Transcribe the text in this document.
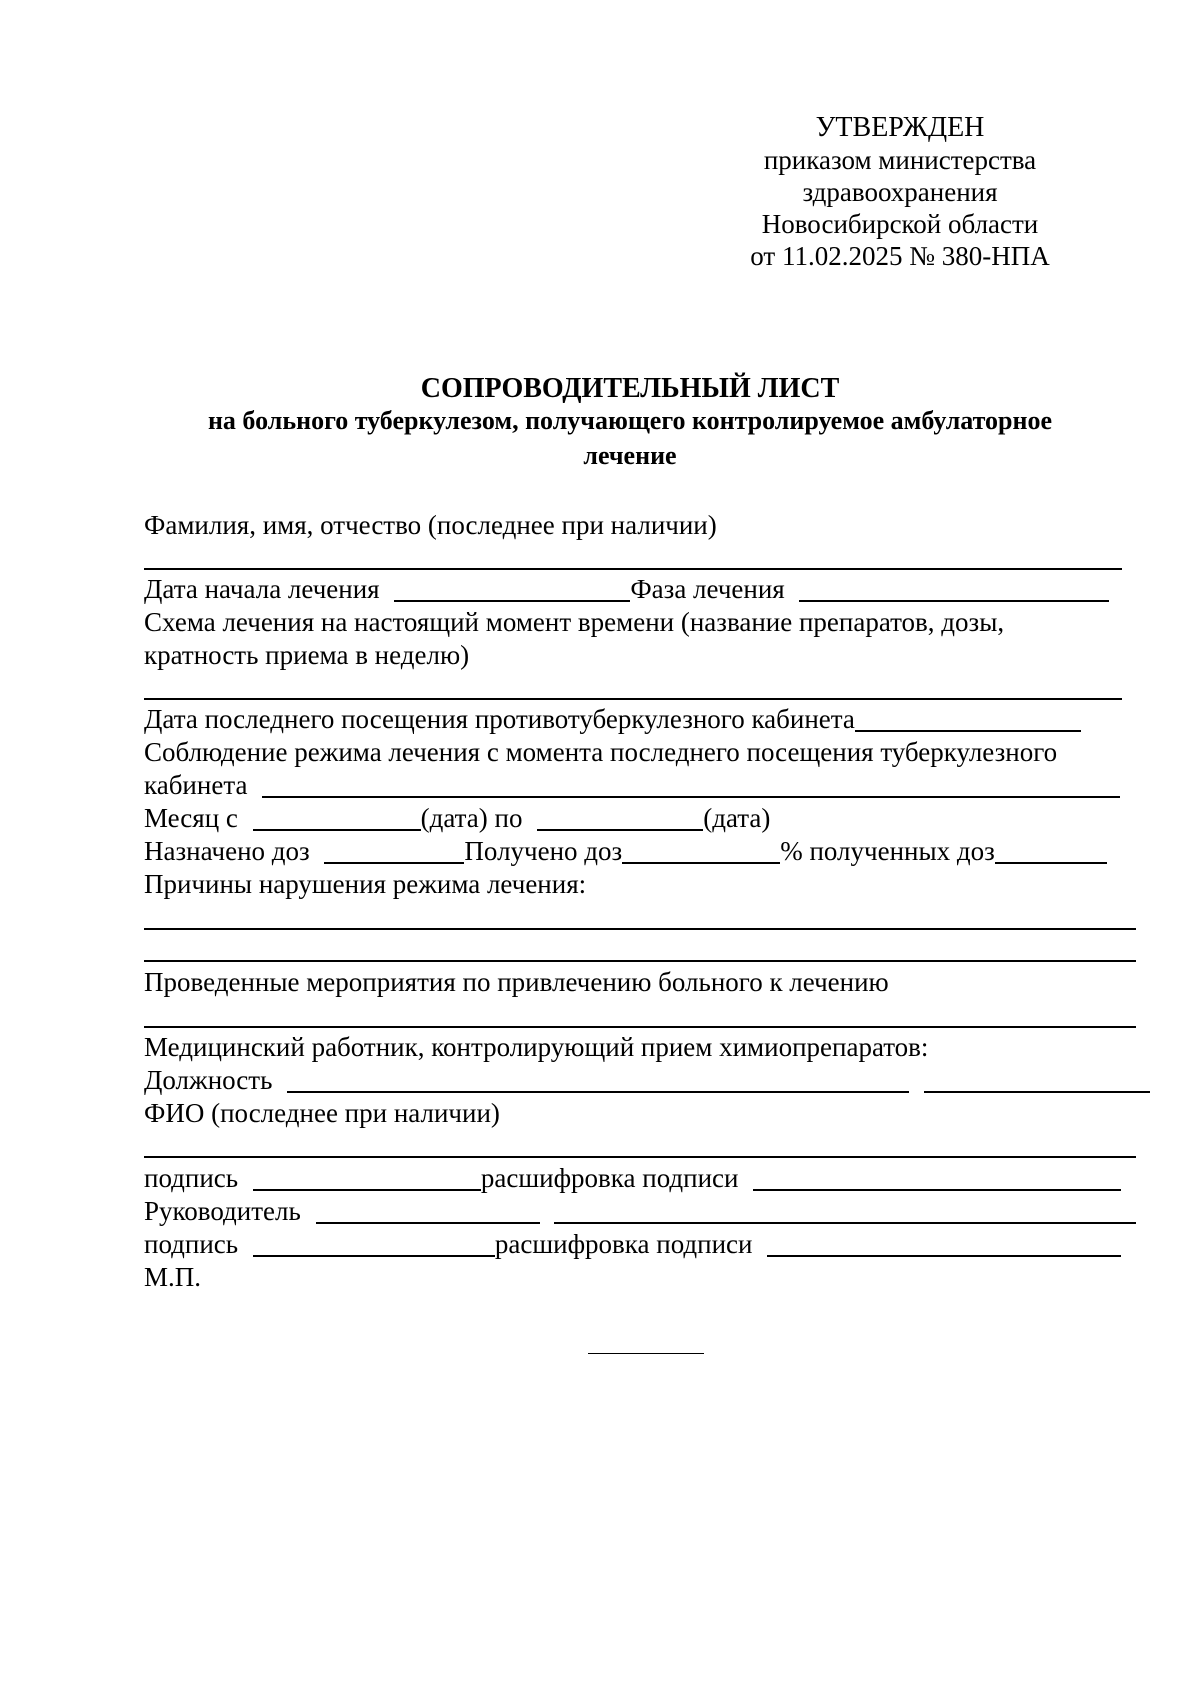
УТВЕРЖДЕН
приказом министерства
здравоохранения
Новосибирской области
от 11.02.2025 № 380-НПА
СОПРОВОДИТЕЛЬНЫЙ ЛИСТ
на больного туберкулезом, получающего контролируемое амбулаторное
лечение
Фамилия, имя, отчество (последнее при наличии)
Дата начала лечения	Фаза лечения
Схема лечения на настоящий момент времени (название препаратов, дозы,
кратность приема в неделю)
Дата последнего посещения противотуберкулезного кабинета
Соблюдение режима лечения с момента последнего посещения туберкулезного
кабинета
Месяц с	(дата) по	(дата)
Назначено доз	Получено доз	% полученных доз
Причины нарушения режима лечения:
Проведенные мероприятия по привлечению больного к лечению
Медицинский работник, контролирующий прием химиопрепаратов:
Должность
ФИО (последнее при наличии)
подпись	расшифровка подписи
Руководитель
подпись	расшифровка подписи
М.П.
